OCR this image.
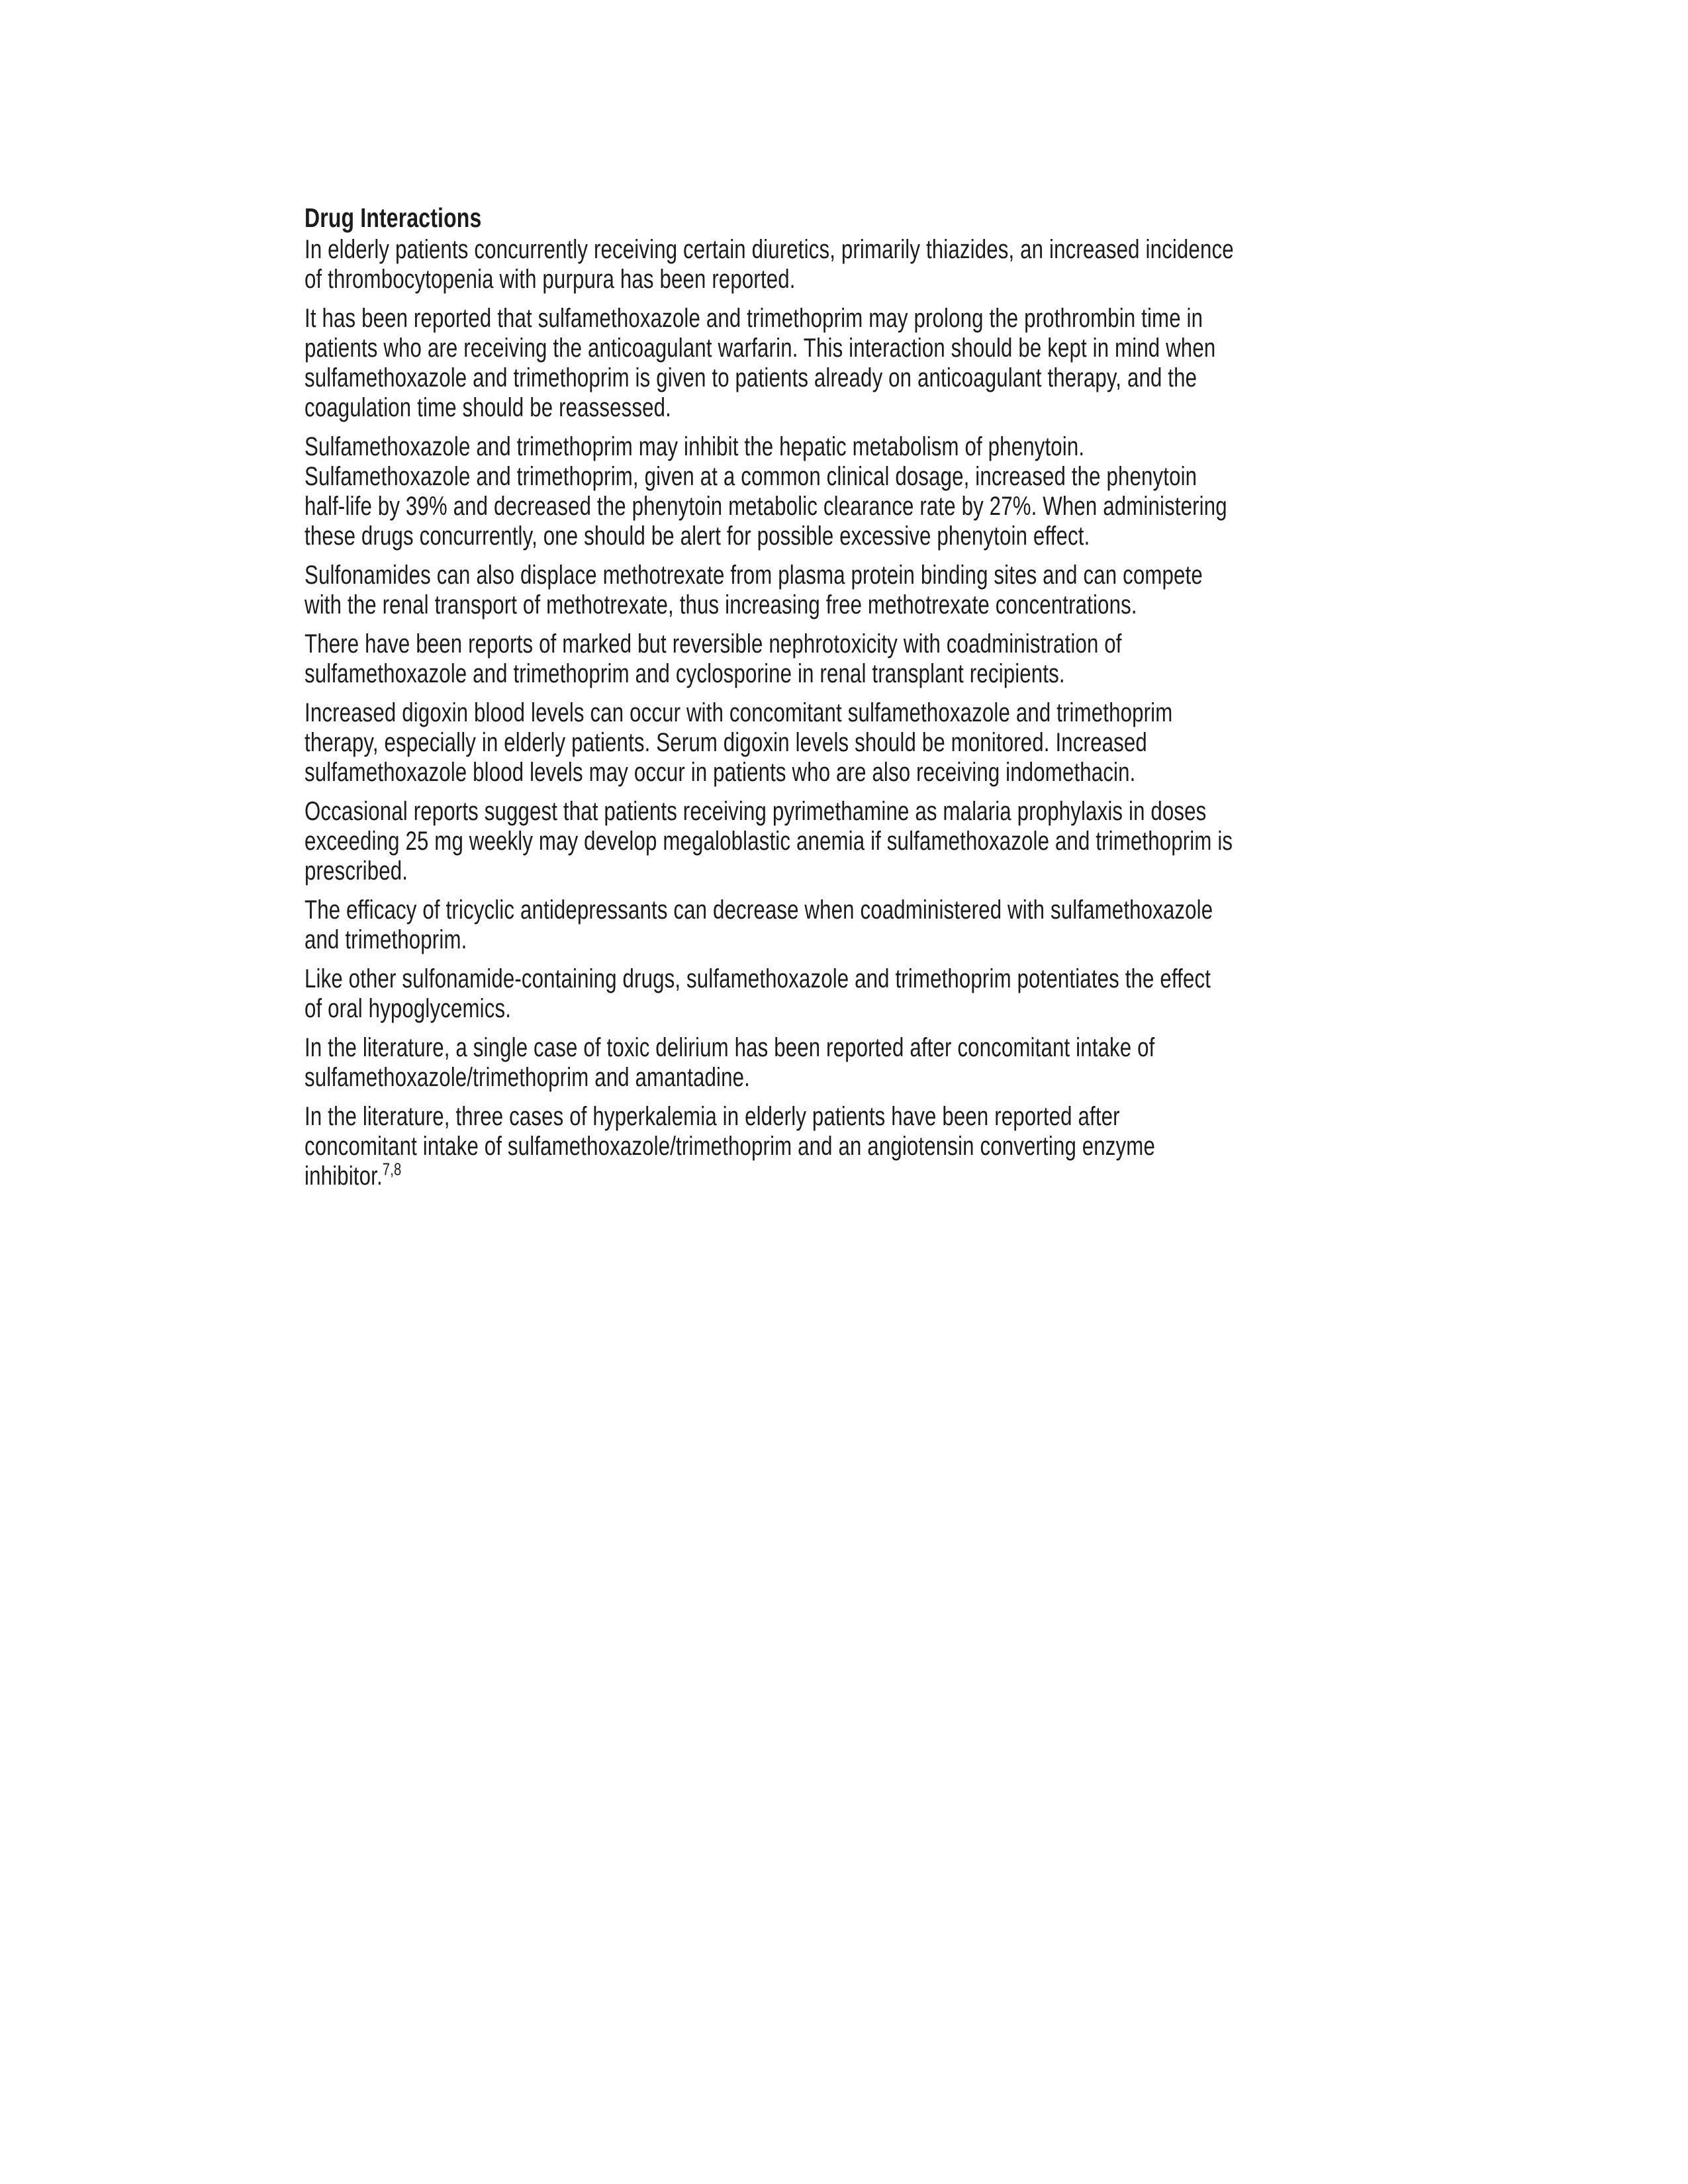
Drug Interactions

In elderly patients concurrently receiving certain diuretics, primarily thiazides, an increased incidence of thrombocytopenia with purpura has been reported.

It has been reported that sulfamethoxazole and trimethoprim may prolong the prothrombin time in patients who are receiving the anticoagulant warfarin. This interaction should be kept in mind when sulfamethoxazole and trimethoprim is given to patients already on anticoagulant therapy, and the coagulation time should be reassessed.

Sulfamethoxazole and trimethoprim may inhibit the hepatic metabolism of phenytoin. Sulfamethoxazole and trimethoprim, given at a common clinical dosage, increased the phenytoin half-life by 39% and decreased the phenytoin metabolic clearance rate by 27%. When administering these drugs concurrently, one should be alert for possible excessive phenytoin effect.

Sulfonamides can also displace methotrexate from plasma protein binding sites and can compete with the renal transport of methotrexate, thus increasing free methotrexate concentrations.

There have been reports of marked but reversible nephrotoxicity with coadministration of sulfamethoxazole and trimethoprim and cyclosporine in renal transplant recipients.

Increased digoxin blood levels can occur with concomitant sulfamethoxazole and trimethoprim therapy, especially in elderly patients. Serum digoxin levels should be monitored. Increased sulfamethoxazole blood levels may occur in patients who are also receiving indomethacin.

Occasional reports suggest that patients receiving pyrimethamine as malaria prophylaxis in doses exceeding 25 mg weekly may develop megaloblastic anemia if sulfamethoxazole and trimethoprim is prescribed.

The efficacy of tricyclic antidepressants can decrease when coadministered with sulfamethoxazole and trimethoprim.

Like other sulfonamide-containing drugs, sulfamethoxazole and trimethoprim potentiates the effect of oral hypoglycemics.

In the literature, a single case of toxic delirium has been reported after concomitant intake of sulfamethoxazole/trimethoprim and amantadine.

In the literature, three cases of hyperkalemia in elderly patients have been reported after concomitant intake of sulfamethoxazole/trimethoprim and an angiotensin converting enzyme inhibitor.$^{7,8}$
